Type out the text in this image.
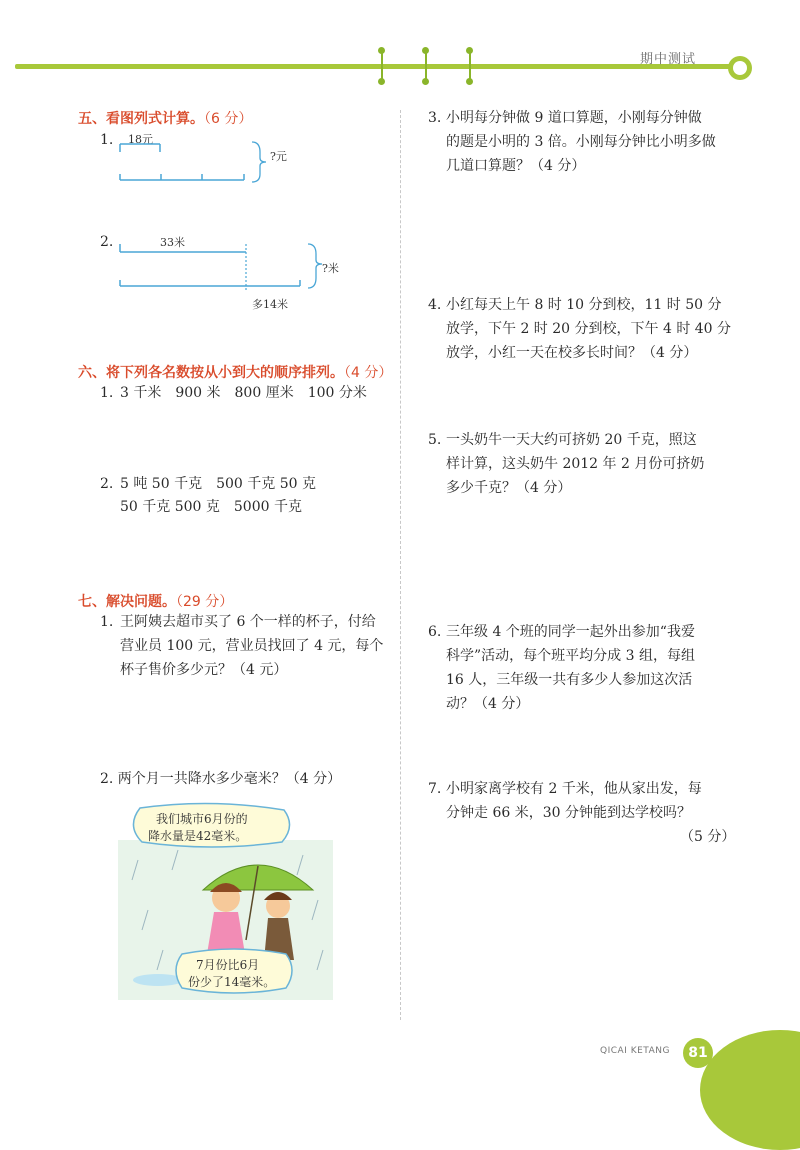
期中测试
五、看图列式计算。（6 分）
1. 18元
?元
2.	33米
?米
多14米
六、将下列各名数按从小到大的顺序排列。（4 分）
1. 3 千米　900 米　800 厘米　100 分米
2. 5 吨 50 千克　500 千克 50 克
50 千克 500 克　5000 千克
七、解决问题。（29 分）
1. 王阿姨去超市买了 6 个一样的杯子，付给
营业员 100 元，营业员找回了 4 元，每个
杯子售价多少元？（4 元）
2. 两个月一共降水多少毫米？（4 分）
我们城市6月份的
降水量是42毫米。
7月份比6月
份少了14毫米。
3. 小明每分钟做 9 道口算题，小刚每分钟做
的题是小明的 3 倍。小刚每分钟比小明多做
几道口算题？（4 分）
4. 小红每天上午 8 时 10 分到校，11 时 50 分
放学，下午 2 时 20 分到校，下午 4 时 40 分
放学，小红一天在校多长时间？（4 分）
5. 一头奶牛一天大约可挤奶 20 千克，照这
样计算，这头奶牛 2012 年 2 月份可挤奶
多少千克？（4 分）
6. 三年级 4 个班的同学一起外出参加“我爱
科学”活动，每个班平均分成 3 组，每组
16 人，三年级一共有多少人参加这次活
动？（4 分）
7. 小明家离学校有 2 千米，他从家出发，每
分钟走 66 米，30 分钟能到达学校吗？
（5 分）
QICAI KETANG	81
